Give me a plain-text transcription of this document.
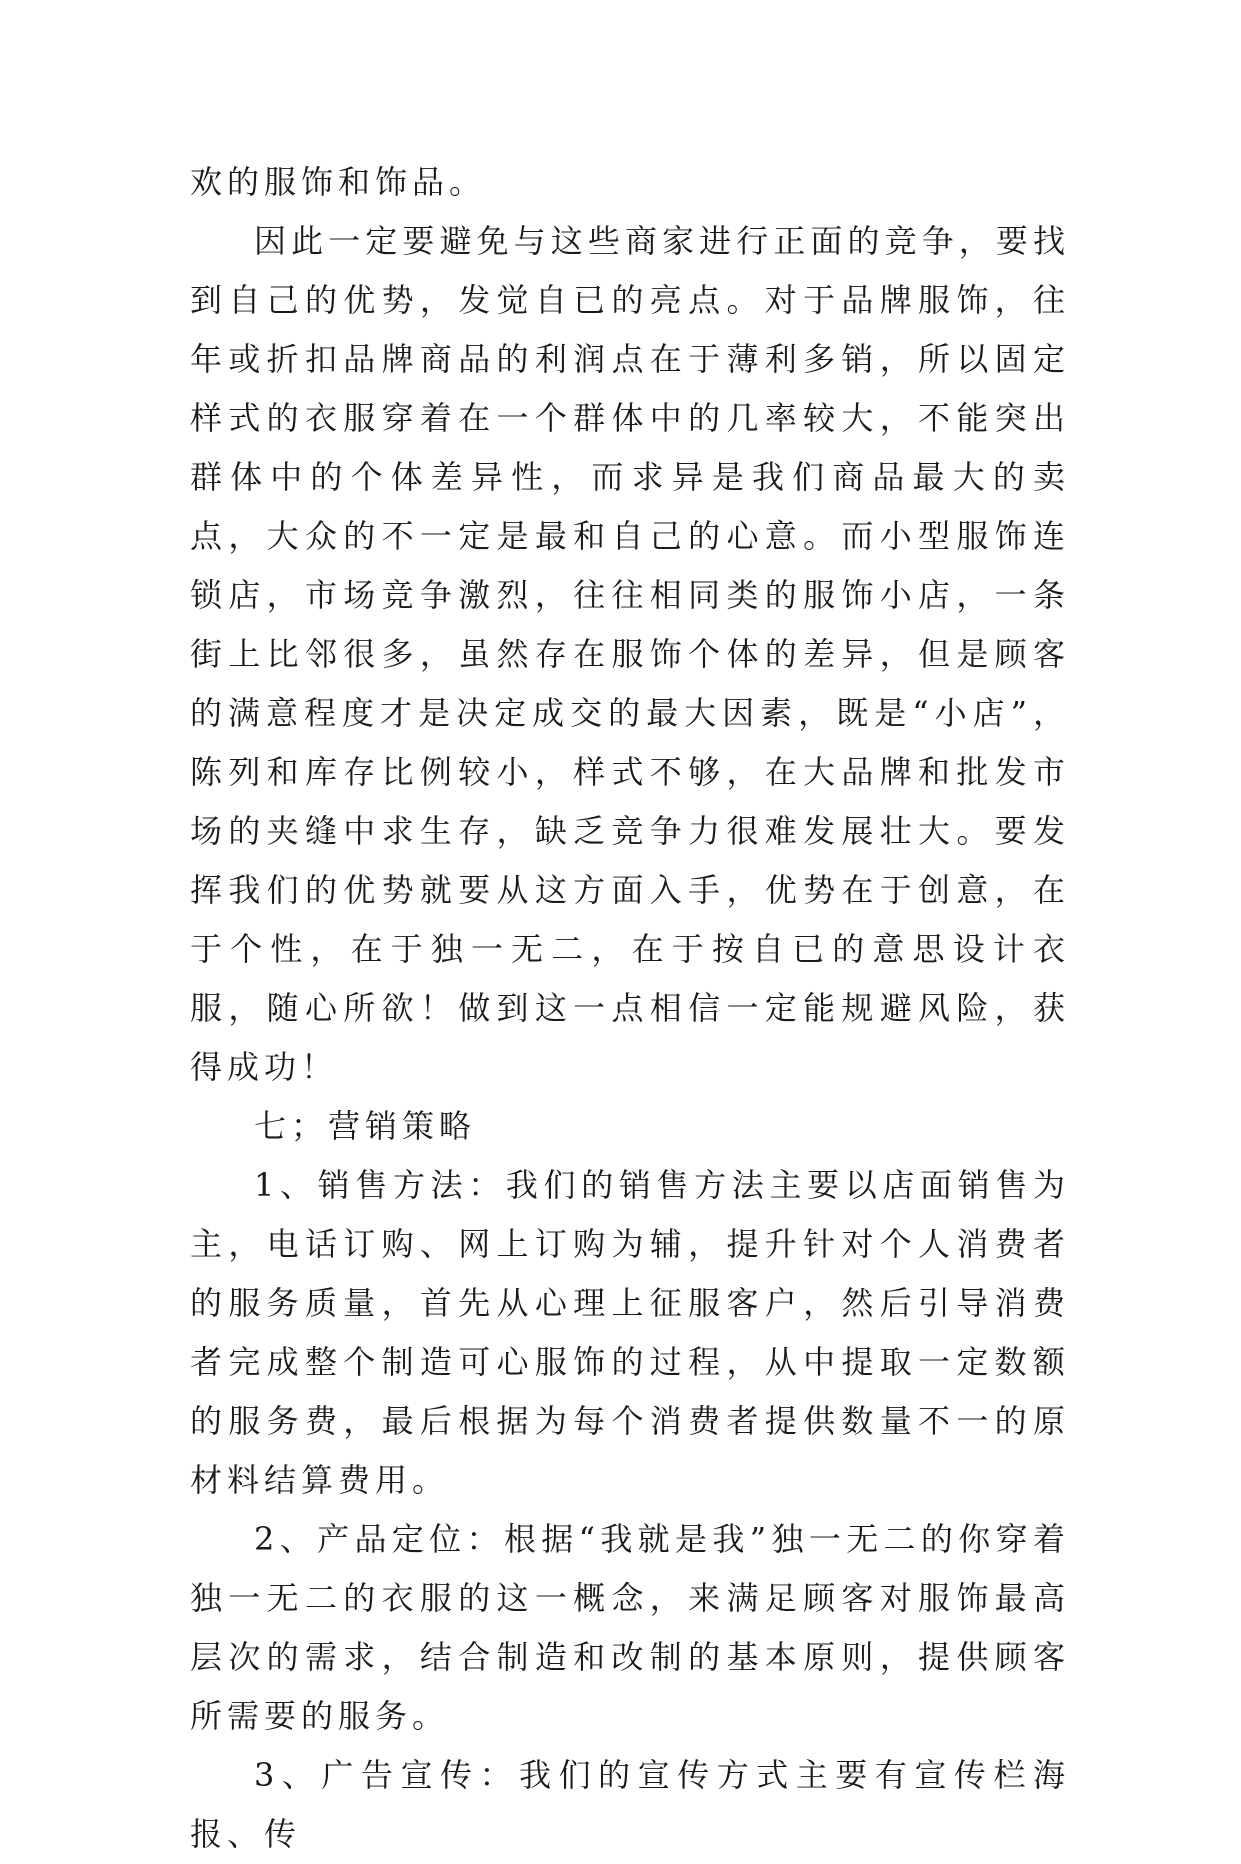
欢的服饰和饰品。

因此一定要避免与这些商家进行正面的竞争，要找到自己的优势，发觉自已的亮点。对于品牌服饰，往年或折扣品牌商品的利润点在于薄利多销，所以固定样式的衣服穿着在一个群体中的几率较大，不能突出群体中的个体差异性，而求异是我们商品最大的卖点，大众的不一定是最和自己的心意。而小型服饰连锁店，市场竞争激烈，往往相同类的服饰小店，一条街上比邻很多，虽然存在服饰个体的差异，但是顾客的满意程度才是决定成交的最大因素，既是“小店”，陈列和库存比例较小，样式不够，在大品牌和批发市场的夹缝中求生存，缺乏竞争力很难发展壮大。要发挥我们的优势就要从这方面入手，优势在于创意，在于个性，在于独一无二，在于按自已的意思设计衣服，随心所欲！做到这一点相信一定能规避风险，获得成功！

七；营销策略

1、销售方法：我们的销售方法主要以店面销售为主，电话订购、网上订购为辅，提升针对个人消费者的服务质量，首先从心理上征服客户，然后引导消费者完成整个制造可心服饰的过程，从中提取一定数额的服务费，最后根据为每个消费者提供数量不一的原材料结算费用。

2、产品定位：根据“我就是我”独一无二的你穿着独一无二的衣服的这一概念，来满足顾客对服饰最高层次的需求，结合制造和改制的基本原则，提供顾客所需要的服务。

3、广告宣传：我们的宣传方式主要有宣传栏海报、传
